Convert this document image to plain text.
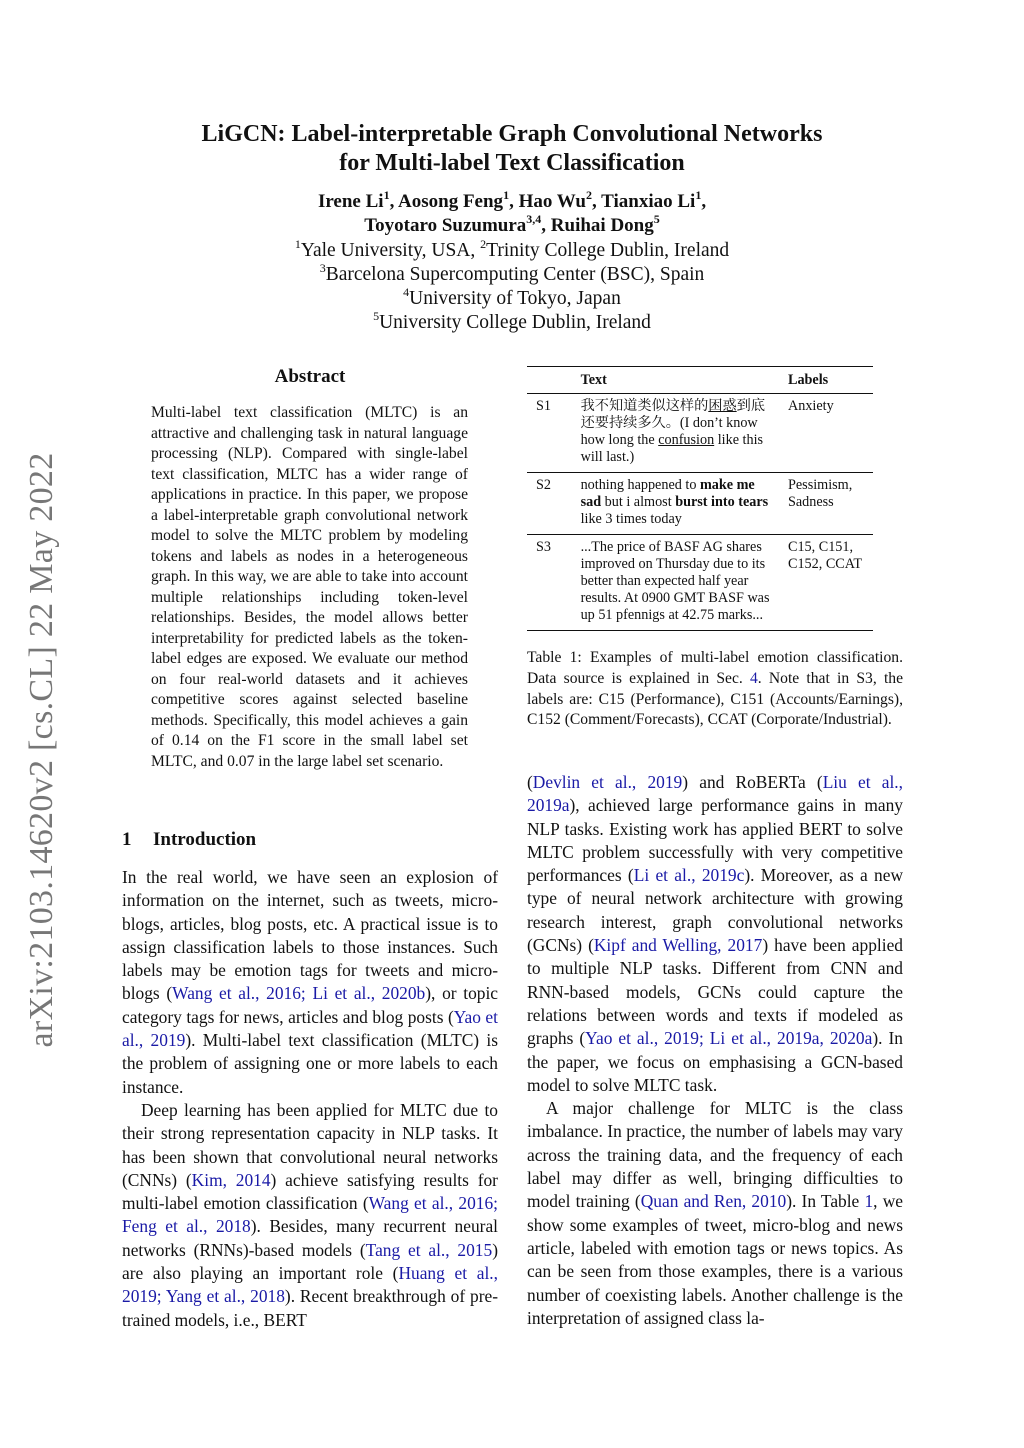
arXiv:2103.14620v2 [cs.CL] 22 May 2022
LiGCN: Label-interpretable Graph Convolutional Networks
for Multi-label Text Classification
Irene Li$^1$, Aosong Feng$^1$, Hao Wu$^2$, Tianxiao Li$^1$,
Toyotaro Suzumura$^{3,4}$, Ruihai Dong$^5$
$^1$Yale University, USA, $^2$Trinity College Dublin, Ireland
$^3$Barcelona Supercomputing Center (BSC), Spain
$^4$University of Tokyo, Japan
$^5$University College Dublin, Ireland
Abstract
Multi-label text classification (MLTC) is an attractive and challenging task in natural language processing (NLP). Compared with single-label text classification, MLTC has a wider range of applications in practice. In this paper, we propose a label-interpretable graph convolutional network model to solve the MLTC problem by modeling tokens and labels as nodes in a heterogeneous graph. In this way, we are able to take into account multiple relationships including token-level relationships. Besides, the model allows better interpretability for predicted labels as the token-label edges are exposed. We evaluate our method on four real-world datasets and it achieves competitive scores against selected baseline methods. Specifically, this model achieves a gain of 0.14 on the F1 score in the small label set MLTC, and 0.07 in the large label set scenario.
1 Introduction

In the real world, we have seen an explosion of information on the internet, such as tweets, micro-blogs, articles, blog posts, etc. A practical issue is to assign classification labels to those instances. Such labels may be emotion tags for tweets and micro-blogs (Wang et al., 2016; Li et al., 2020b), or topic category tags for news, articles and blog posts (Yao et al., 2019). Multi-label text classification (MLTC) is the problem of assigning one or more labels to each instance.

Deep learning has been applied for MLTC due to their strong representation capacity in NLP tasks. It has been shown that convolutional neural networks (CNNs) (Kim, 2014) achieve satisfying results for multi-label emotion classification (Wang et al., 2016; Feng et al., 2018). Besides, many recurrent neural networks (RNNs)-based models (Tang et al., 2015) are also playing an important role (Huang et al., 2019; Yang et al., 2018). Recent breakthrough of pre-trained models, i.e., BERT

	Text	Labels
S1	我不知道类似这样的困惑到底还要持续多久。(I don’t know how long the confusion like this will last.)	Anxiety
S2	nothing happened to make me sad but i almost burst into tears like 3 times today	Pessimism, Sadness
S3	...The price of BASF AG shares improved on Thursday due to its better than expected half year results. At 0900 GMT BASF was up 51 pfennigs at 42.75 marks...	C15, C151, C152, CCAT
Table 1: Examples of multi-label emotion classification. Data source is explained in Sec. 4. Note that in S3, the labels are: C15 (Performance), C151 (Accounts/Earnings), C152 (Comment/Forecasts), CCAT (Corporate/Industrial).

(Devlin et al., 2019) and RoBERTa (Liu et al., 2019a), achieved large performance gains in many NLP tasks. Existing work has applied BERT to solve MLTC problem successfully with very competitive performances (Li et al., 2019c). Moreover, as a new type of neural network architecture with growing research interest, graph convolutional networks (GCNs) (Kipf and Welling, 2017) have been applied to multiple NLP tasks. Different from CNN and RNN-based models, GCNs could capture the relations between words and texts if modeled as graphs (Yao et al., 2019; Li et al., 2019a, 2020a). In the paper, we focus on emphasising a GCN-based model to solve MLTC task.

A major challenge for MLTC is the class imbalance. In practice, the number of labels may vary across the training data, and the frequency of each label may differ as well, bringing difficulties to model training (Quan and Ren, 2010). In Table 1, we show some examples of tweet, micro-blog and news article, labeled with emotion tags or news topics. As can be seen from those examples, there is a various number of coexisting labels. Another challenge is the interpretation of assigned class la-
